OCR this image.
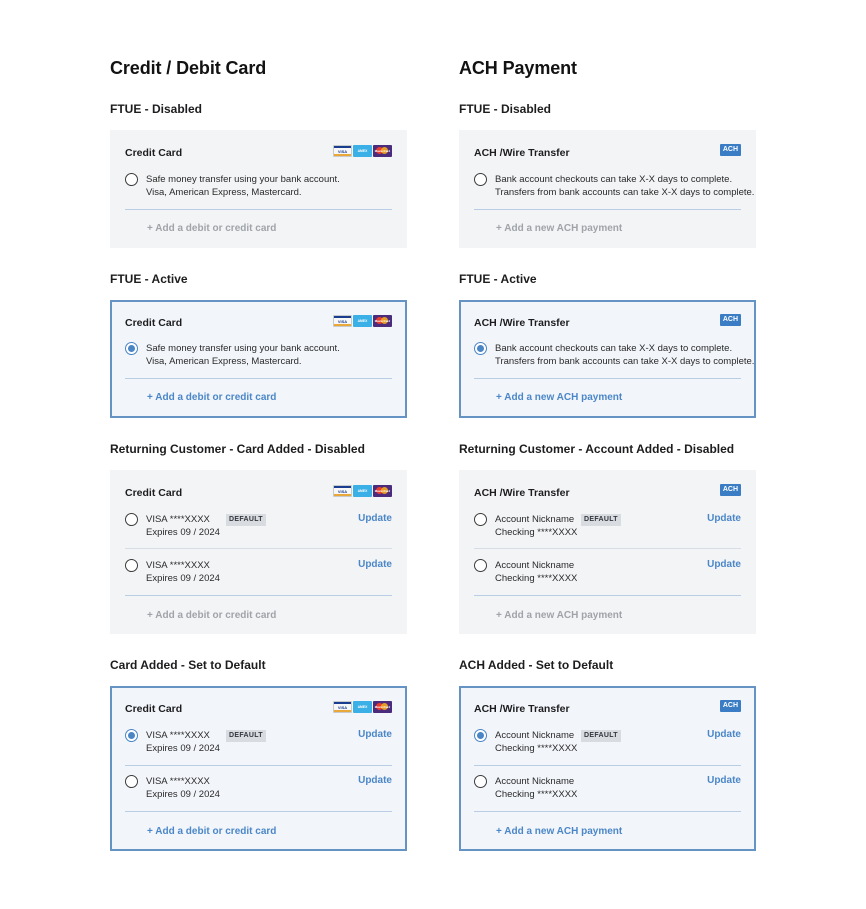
Credit / Debit Card
FTUE - Disabled
Credit Card	VISA	AMEX	MasterCard
Safe money transfer using your bank account.
Visa, American Express, Mastercard.
+ Add a debit or credit card
FTUE - Active
Credit Card	VISA	AMEX	MasterCard
Safe money transfer using your bank account.
Visa, American Express, Mastercard.
+ Add a debit or credit card
Returning Customer - Card Added - Disabled
Credit Card	VISA	AMEX	MasterCard
VISA ****XXXX
Expires 09 / 2024
DEFAULT	Update
VISA ****XXXX
Expires 09 / 2024
Update
+ Add a debit or credit card
Card Added - Set to Default
Credit Card	VISA	AMEX	MasterCard
VISA ****XXXX
Expires 09 / 2024
DEFAULT	Update
VISA ****XXXX
Expires 09 / 2024
Update
+ Add a debit or credit card
ACH Payment
FTUE - Disabled
ACH /Wire Transfer	ACH
Bank account checkouts can take X-X days to complete.
Transfers from bank accounts can take X-X days to complete.
+ Add a new ACH payment
FTUE - Active
ACH /Wire Transfer	ACH
Bank account checkouts can take X-X days to complete.
Transfers from bank accounts can take X-X days to complete.
+ Add a new ACH payment
Returning Customer - Account Added - Disabled
ACH /Wire Transfer	ACH
Account Nickname
Checking ****XXXX
DEFAULT	Update
Account Nickname
Checking ****XXXX
Update
+ Add a new ACH payment
ACH Added - Set to Default
ACH /Wire Transfer	ACH
Account Nickname
Checking ****XXXX
DEFAULT	Update
Account Nickname
Checking ****XXXX
Update
+ Add a new ACH payment
